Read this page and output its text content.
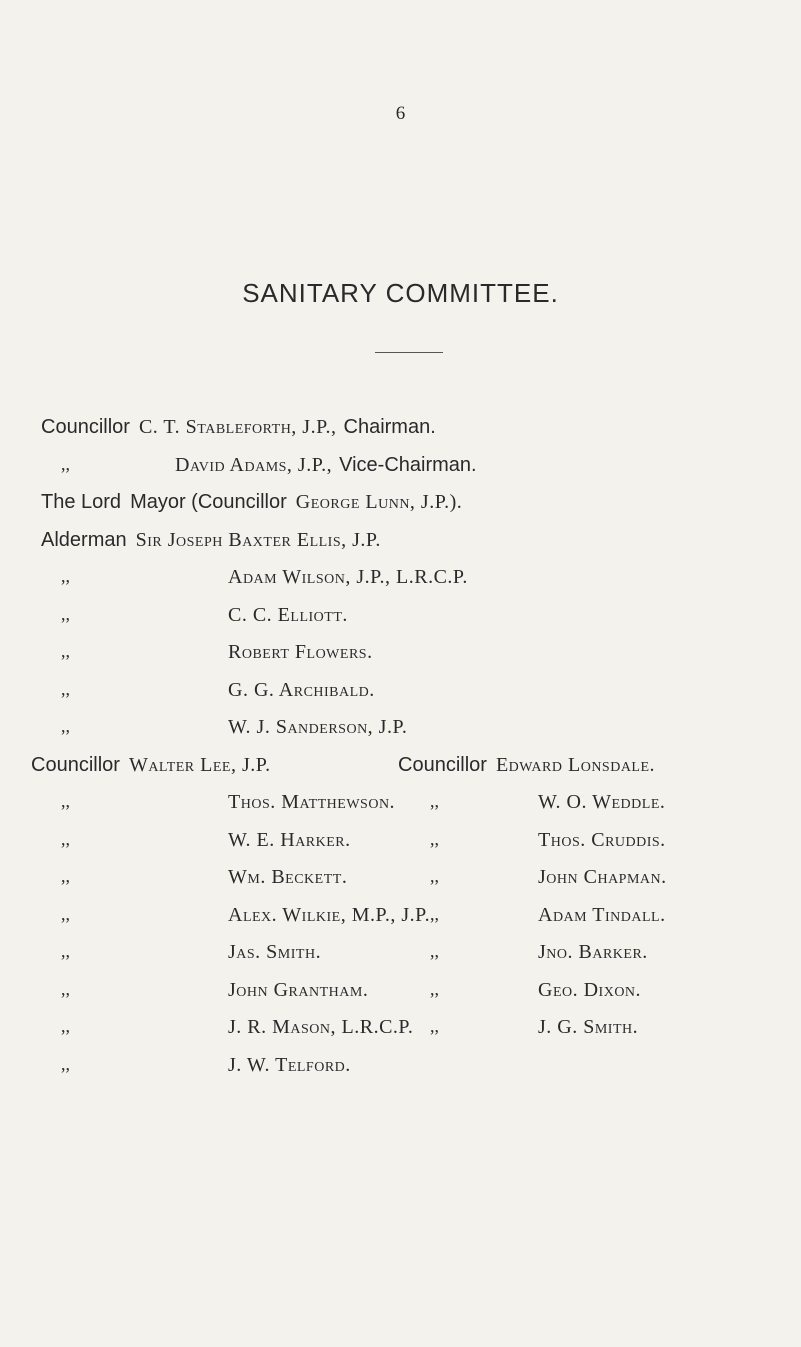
6
SANITARY COMMITTEE.
Councillor C. T. Stableforth, J.P., Chairman.
,,	David Adams, J.P., Vice-Chairman.
The Lord Mayor (Councillor George Lunn, J.P.).
Alderman Sir Joseph Baxter Ellis, J.P.
,,	Adam Wilson, J.P., L.R.C.P.
,,	C. C. Elliott.
,,	Robert Flowers.
,,	G. G. Archibald.
,,	W. J. Sanderson, J.P.
Councillor Walter Lee, J.P.	Councillor Edward Lonsdale.
,,	Thos. Matthewson. ,,	W. O. Weddle.
,,	W. E. Harker.	,,	Thos. Cruddis.
,,	Wm. Beckett.	,,	John Chapman.
,,	Alex. Wilkie, M.P., J.P. ,,	Adam Tindall.
,,	Jas. Smith.	,,	Jno. Barker.
,,	John Grantham.	,,	Geo. Dixon.
,,	J. R. Mason, L.R.C.P. ,,	J. G. Smith.
,,	J. W. Telford.
